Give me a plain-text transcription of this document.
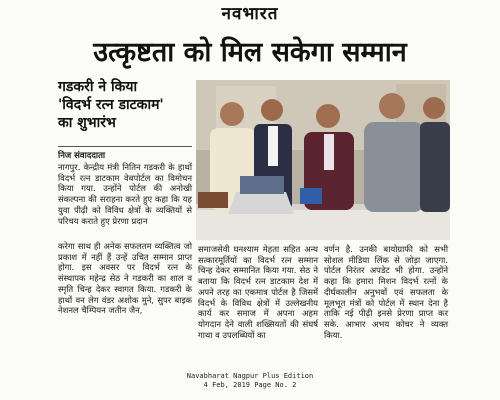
नवभारत
उत्कृष्टता को मिल सकेगा सम्मान
गडकरी ने किया
'विदर्भ रत्न डाटकाम'
का शुभारंभ
निज संवाददाता
नागपुर. केन्द्रीय मंत्री नितिन गडकरी के हाथों विदर्भ रत्न डाटकाम वेबपोर्टल का विमोचन किया गया. उन्होंने पोर्टल की अनोखी संकल्पना की सराहना करते हुए कहा कि यह युवा पीढ़ी को विविध क्षेत्रों के व्यक्तियों से परिचय कराते हुए प्रेरणा प्रदान
करेगा साथ ही अनेक सफलतम व्यक्तित्व जो प्रकाश में नहीं हैं उन्हें उचित सम्मान प्राप्त होगा. इस अवसर पर विदर्भ रत्न के संस्थापक महेन्द्र सेठ ने गडकरी का शाल व स्मृति चिन्ह देकर स्वागत किया. गडकरी के हाथों वन लेग वंडर अशोक मुने, सुपर बाइक नेशनल चैम्पियन जतीन जैन,
समाजसेवी घनश्याम मेहता सहित अन्य सत्कारमूर्तियों का विदर्भ रत्न सम्मान चिन्ह देकर सम्मानित किया गया. सेठ ने बताया कि विदर्भ रत्न डाटकाम देश में अपने तरह का एकमात्र पोर्टल है जिसमें विदर्भ के विविध क्षेत्रों में उल्लेखनीय कार्य कर समाज में अपना अहम योगदान देने वाली शख्सियतों की संघर्ष गाथा व उपलब्धियों का
वर्णन है. उनकी बायोग्राफी को सभी सोशल मीडिया लिंक से जोड़ा जाएगा. पोर्टल निरंतर अपडेट भी होगा. उन्होंने कहा कि हमारा मिशन विदर्भ रत्नों के दीर्घकालीन अनुभवों एवं सफलता के मूलभूत मंत्रों को पोर्टल में स्थान देना है ताकि नई पीढ़ी इनसे प्रेरणा प्राप्त कर सके. आभार अभय कोचर ने व्यक्त किया.
Navabharat Nagpur Plus Edition
4 Feb, 2019 Page No. 2
